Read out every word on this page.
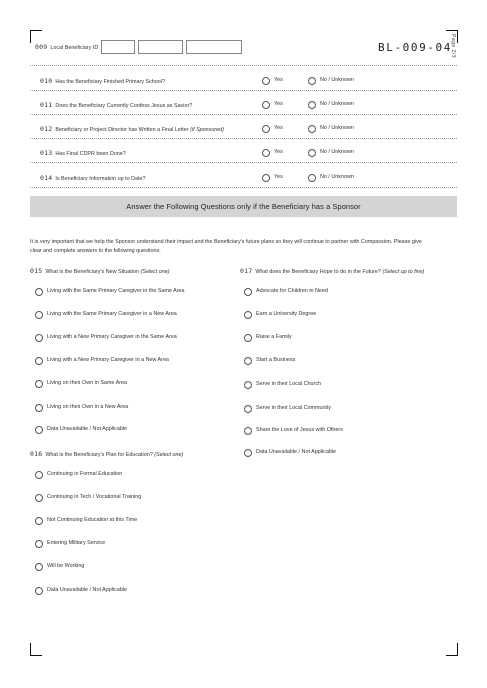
009 Local Beneficiary ID	BL-009-04
Page 2/3
010 Has the Beneficiary Finished Primary School?	Yes	No / Unknown
011 Does the Beneficiary Currently Confess Jesus as Savior?	Yes	No / Unknown
012 Beneficiary or Project Director has Written a Final Letter (if Sponsored)	Yes	No / Unknown
013 Has Final CDPR been Done?	Yes	No / Unknown
014 Is Beneficiary Information up to Date?	Yes	No / Unknown
Answer the Following Questions only if the Beneficiary has a Sponsor
It is very important that we help the Sponsor understand their impact and the Beneficiary's future plans so they will continue to partner with Compassion. Please give clear and complete answers to the following questions:
015 What is the Beneficiary's New Situation (Select one)
Living with the Same Primary Caregiver in the Same Area
Living with the Same Primary Caregiver in a New Area
Living with a New Primary Caregiver in the Same Area
Living with a New Primary Caregiver in a New Area
Living on their Own in Same Area
Living on their Own in a New Area
Data Unavailable / Not Applicable
016 What is the Beneficiary's Plan for Education? (Select one)
Continuing in Formal Education
Continuing in Tech / Vocational Training
Not Continuing Education at this Time
Entering Military Service
Will be Working
Data Unavailable / Not Applicable
017 What does the Beneficiary Hope to do in the Future? (Select up to five)
Advocate for Children in Need
Earn a University Degree
Raise a Family
Start a Business
Serve in their Local Church
Serve in their Local Community
Share the Love of Jesus with Others
Data Unavailable / Not Applicable
